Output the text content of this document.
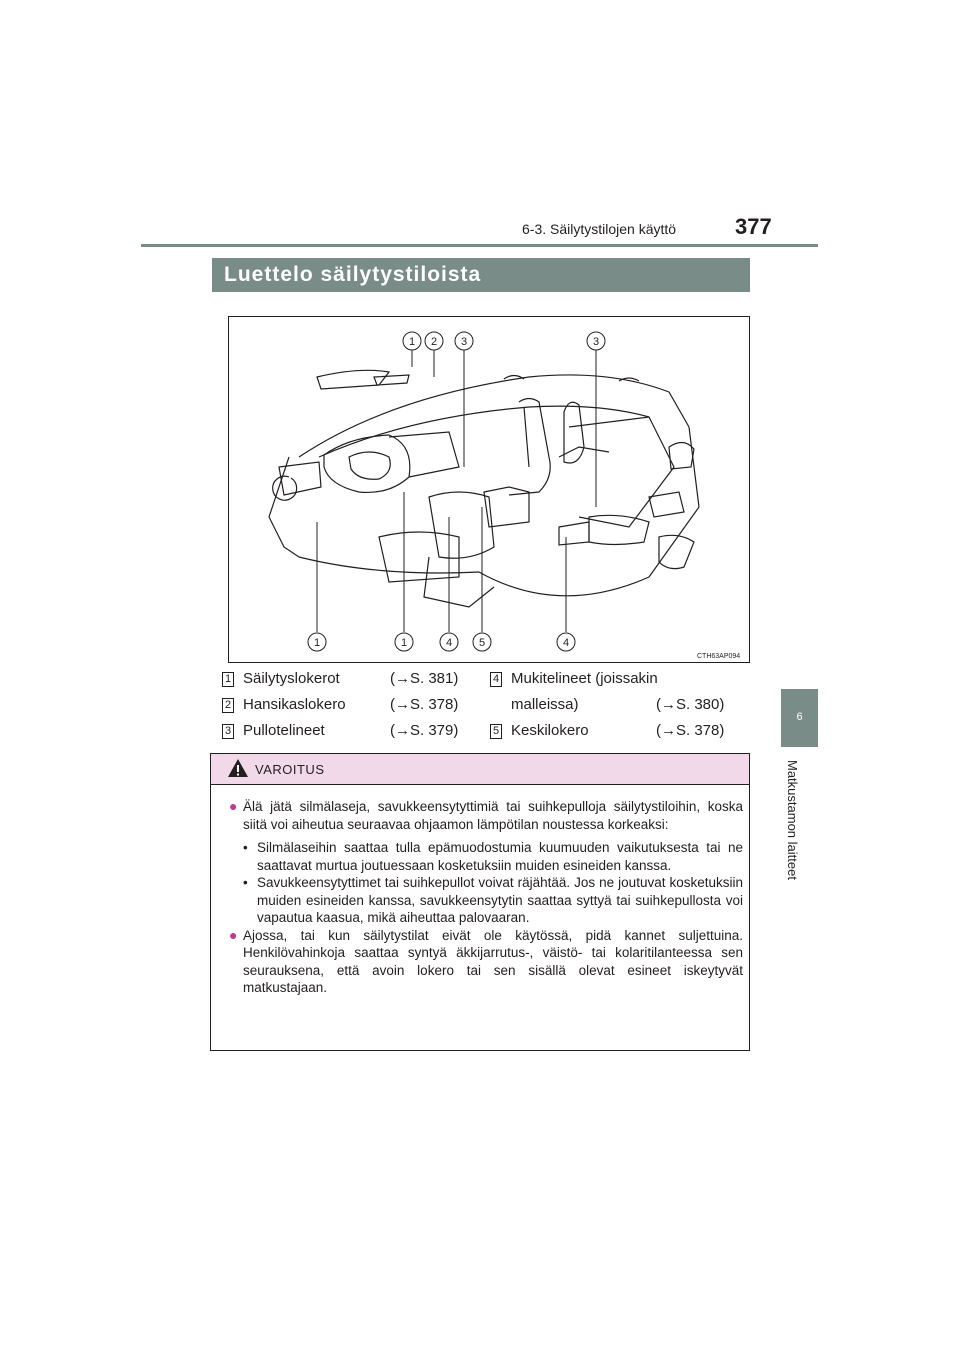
6-3. Säilytystilojen käyttö	377
6
Matkustamon laitteet
Luettelo säilytystiloista
1 2 3	3
1	1	4 5	4
CTH63AP094
1 Säilytyslokerot	(→S. 381)
2 Hansikaslokero	(→S. 378)
3 Pullotelineet	(→S. 379)
4 Mukitelineet (joissakin
malleissa)	(→S. 380)
5 Keskilokero	(→S. 378)
VAROITUS
● Älä jätä silmälaseja, savukkeensytyttimiä tai suihkepulloja säilytystiloihin, koska siitä voi aiheutua seuraavaa ohjaamon lämpötilan noustessa korkeaksi:
• Silmälaseihin saattaa tulla epämuodostumia kuumuuden vaikutuksesta tai ne saattavat murtua joutuessaan kosketuksiin muiden esineiden kanssa.
• Savukkeensytyttimet tai suihkepullot voivat räjähtää. Jos ne joutuvat kosketuksiin muiden esineiden kanssa, savukkeensytytin saattaa syttyä tai suihkepullosta voi vapautua kaasua, mikä aiheuttaa palovaaran.
● Ajossa, tai kun säilytystilat eivät ole käytössä, pidä kannet suljettuina. Henkilövahinkoja saattaa syntyä äkkijarrutus-, väistö- tai kolaritilanteessa sen seurauksena, että avoin lokero tai sen sisällä olevat esineet iskeytyvät matkustajaan.
